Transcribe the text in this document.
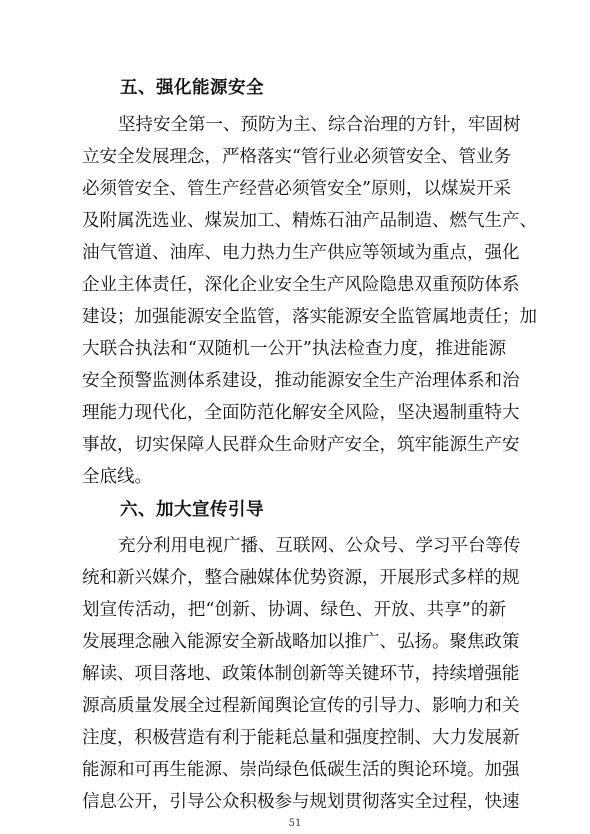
五、强化能源安全
坚持安全第一、预防为主、综合治理的方针，牢固树
立安全发展理念，严格落实“管行业必须管安全、管业务
必须管安全、管生产经营必须管安全”原则，以煤炭开采
及附属洗选业、煤炭加工、精炼石油产品制造、燃气生产、
油气管道、油库、电力热力生产供应等领域为重点，强化
企业主体责任，深化企业安全生产风险隐患双重预防体系
建设；加强能源安全监管，落实能源安全监管属地责任；加
大联合执法和“双随机一公开”执法检查力度，推进能源
安全预警监测体系建设，推动能源安全生产治理体系和治
理能力现代化，全面防范化解安全风险，坚决遏制重特大
事故，切实保障人民群众生命财产安全，筑牢能源生产安
全底线。
六、加大宣传引导
充分利用电视广播、互联网、公众号、学习平台等传
统和新兴媒介，整合融媒体优势资源，开展形式多样的规
划宣传活动，把“创新、协调、绿色、开放、共享”的新
发展理念融入能源安全新战略加以推广、弘扬。聚焦政策
解读、项目落地、政策体制创新等关键环节，持续增强能
源高质量发展全过程新闻舆论宣传的引导力、影响力和关
注度，积极营造有利于能耗总量和强度控制、大力发展新
能源和可再生能源、崇尚绿色低碳生活的舆论环境。加强
信息公开，引导公众积极参与规划贯彻落实全过程，快速
51
